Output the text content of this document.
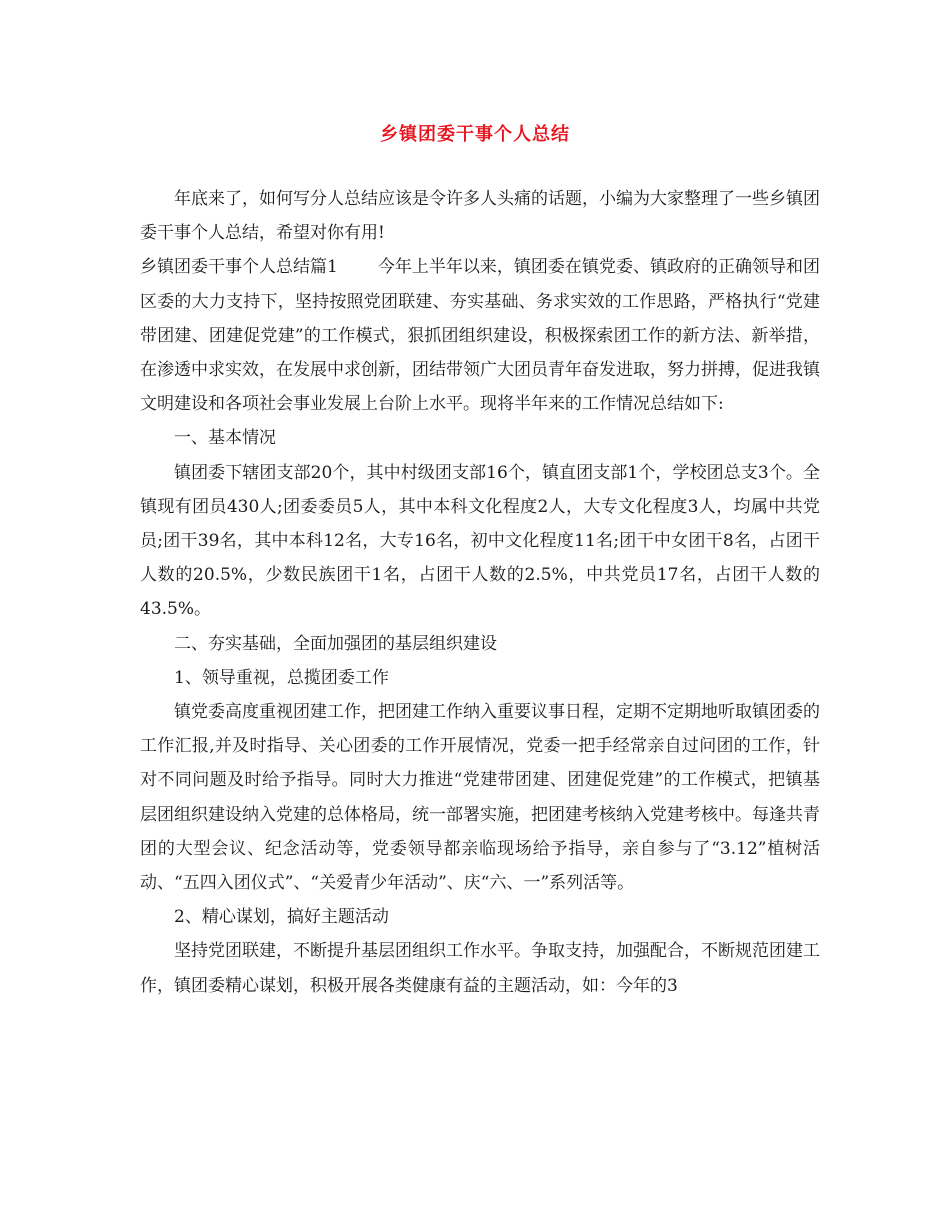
乡镇团委干事个人总结

年底来了，如何写分人总结应该是令许多人头痛的话题，小编为大家整理了一些乡镇团委干事个人总结，希望对你有用!

乡镇团委干事个人总结篇1 今年上半年以来，镇团委在镇党委、镇政府的正确领导和团区委的大力支持下，坚持按照党团联建、夯实基础、务求实效的工作思路，严格执行“党建带团建、团建促党建”的工作模式，狠抓团组织建设，积极探索团工作的新方法、新举措，在渗透中求实效，在发展中求创新，团结带领广大团员青年奋发进取，努力拼搏，促进我镇文明建设和各项社会事业发展上台阶上水平。现将半年来的工作情况总结如下:

一、基本情况

镇团委下辖团支部20个，其中村级团支部16个，镇直团支部1个，学校团总支3个。全镇现有团员430人;团委委员5人，其中本科文化程度2人，大专文化程度3人，均属中共党员;团干39名，其中本科12名，大专16名，初中文化程度11名;团干中女团干8名，占团干人数的20.5%，少数民族团干1名，占团干人数的2.5%，中共党员17名，占团干人数的43.5%。

二、夯实基础，全面加强团的基层组织建设

1、领导重视，总揽团委工作

镇党委高度重视团建工作，把团建工作纳入重要议事日程，定期不定期地听取镇团委的工作汇报,并及时指导、关心团委的工作开展情况，党委一把手经常亲自过问团的工作，针对不同问题及时给予指导。同时大力推进“党建带团建、团建促党建”的工作模式，把镇基层团组织建设纳入党建的总体格局，统一部署实施，把团建考核纳入党建考核中。每逢共青团的大型会议、纪念活动等，党委领导都亲临现场给予指导，亲自参与了“3.12”植树活动、“五四入团仪式”、“关爱青少年活动”、庆“六、一”系列活等。

2、精心谋划，搞好主题活动

坚持党团联建，不断提升基层团组织工作水平。争取支持，加强配合，不断规范团建工作，镇团委精心谋划，积极开展各类健康有益的主题活动，如：今年的3
